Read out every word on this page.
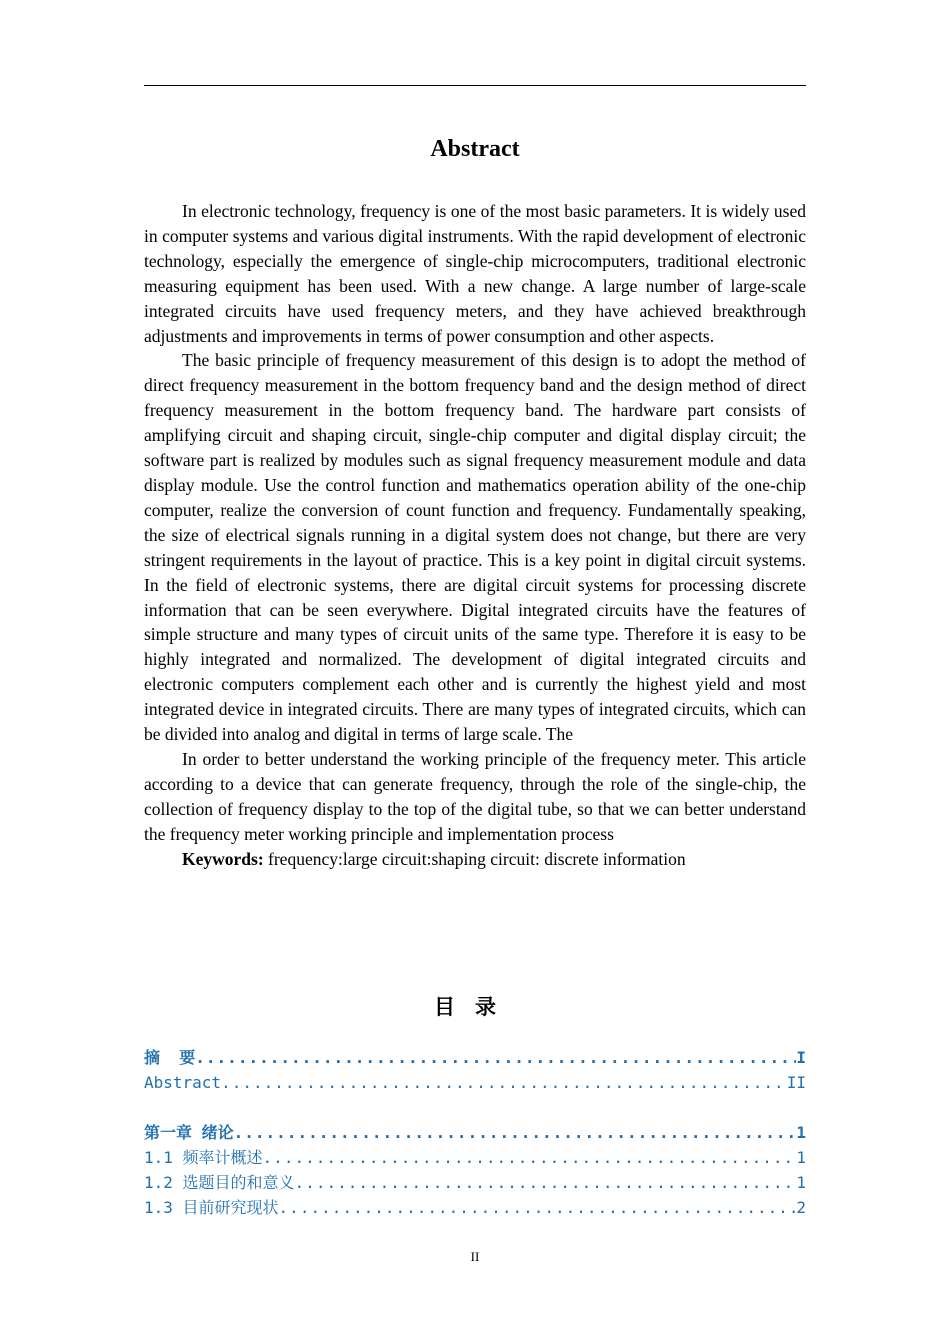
Abstract

In electronic technology, frequency is one of the most basic parameters. It is widely used in computer systems and various digital instruments. With the rapid development of electronic technology, especially the emergence of single-chip microcomputers, traditional electronic measuring equipment has been used. With a new change. A large number of large-scale integrated circuits have used frequency meters, and they have achieved breakthrough adjustments and improvements in terms of power consumption and other aspects.

The basic principle of frequency measurement of this design is to adopt the method of direct frequency measurement in the bottom frequency band and the design method of direct frequency measurement in the bottom frequency band. The hardware part consists of amplifying circuit and shaping circuit, single-chip computer and digital display circuit; the software part is realized by modules such as signal frequency measurement module and data display module. Use the control function and mathematics operation ability of the one-chip computer, realize the conversion of count function and frequency. Fundamentally speaking, the size of electrical signals running in a digital system does not change, but there are very stringent requirements in the layout of practice. This is a key point in digital circuit systems. In the field of electronic systems, there are digital circuit systems for processing discrete information that can be seen everywhere. Digital integrated circuits have the features of simple structure and many types of circuit units of the same type. Therefore it is easy to be highly integrated and normalized. The development of digital integrated circuits and electronic computers complement each other and is currently the highest yield and most integrated device in integrated circuits. There are many types of integrated circuits, which can be divided into analog and digital in terms of large scale. The

In order to better understand the working principle of the frequency meter. This article according to a device that can generate frequency, through the role of the single-chip, the collection of frequency display to the top of the digital tube, so that we can better understand the frequency meter working principle and implementation process

Keywords: frequency:large circuit:shaping circuit: discrete information

目录
摘  要 .....	I
Abstract .....	II
第一章 绪论 .....	1
1.1 频率计概述 .....	1
1.2 选题目的和意义 .....	1
1.3 目前研究现状 .....	2
II
